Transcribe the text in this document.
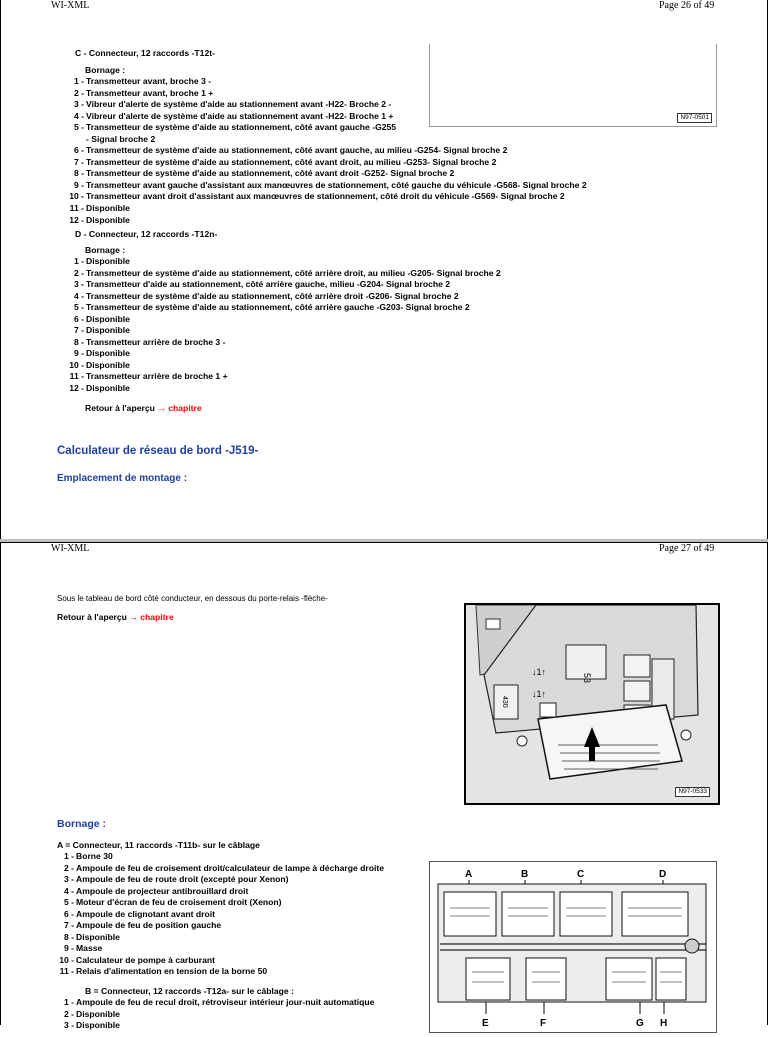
WI-XML	Page 26 of 49
C - Connecteur, 12 raccords -T12t-
Bornage :
1 - Transmetteur avant, broche 3 -
2 - Transmetteur avant, broche 1 +
3 - Vibreur d'alerte de système d'aide au stationnement avant -H22- Broche 2 -
4 - Vibreur d'alerte de système d'aide au stationnement avant -H22- Broche 1 +
5 - Transmetteur de système d'aide au stationnement, côté avant gauche -G255
- Signal broche 2
6 - Transmetteur de système d'aide au stationnement, côté avant gauche, au milieu -G254- Signal broche 2
7 - Transmetteur de système d'aide au stationnement, côté avant droit, au milieu -G253- Signal broche 2
8 - Transmetteur de système d'aide au stationnement, côté avant droit -G252- Signal broche 2
9 - Transmetteur avant gauche d'assistant aux manœuvres de stationnement, côté gauche du véhicule -G568- Signal broche 2
10 - Transmetteur avant droit d'assistant aux manœuvres de stationnement, côté droit du véhicule -G569- Signal broche 2
11 - Disponible
12 - Disponible
D - Connecteur, 12 raccords -T12n-
Bornage :
1 - Disponible
2 - Transmetteur de système d'aide au stationnement, côté arrière droit, au milieu -G205- Signal broche 2
3 - Transmetteur d'aide au stationnement, côté arrière gauche, milieu -G204- Signal broche 2
4 - Transmetteur de système d'aide au stationnement, côté arrière droit -G206- Signal broche 2
5 - Transmetteur de système d'aide au stationnement, côté arrière gauche -G203- Signal broche 2
6 - Disponible
7 - Disponible
8 - Transmetteur arrière de broche 3 -
9 - Disponible
10 - Disponible
11 - Transmetteur arrière de broche 1 +
12 - Disponible
Retour à l'aperçu → chapitre
Calculateur de réseau de bord -J519-
Emplacement de montage :
N97-0501
WI-XML	Page 27 of 49
Sous le tableau de bord côté conducteur, en dessous du porte-relais -flèche-
Retour à l'aperçu → chapitre
53
↓1↑
↓1↑
430
N97-0533
Bornage :
A = Connecteur, 11 raccords -T11b- sur le câblage
1 - Borne 30
2 - Ampoule de feu de croisement droit/calculateur de lampe à décharge droite
3 - Ampoule de feu de route droit (excepté pour Xenon)
4 - Ampoule de projecteur antibrouillard droit
5 - Moteur d'écran de feu de croisement droit (Xenon)
6 - Ampoule de clignotant avant droit
7 - Ampoule de feu de position gauche
8 - Disponible
9 - Masse
10 - Calculateur de pompe à carburant
11 - Relais d'alimentation en tension de la borne 50
B = Connecteur, 12 raccords -T12a- sur le câblage :
1 - Ampoule de feu de recul droit, rétroviseur intérieur jour-nuit automatique
2 - Disponible
3 - Disponible
A	B	C	D
E	F	G H
